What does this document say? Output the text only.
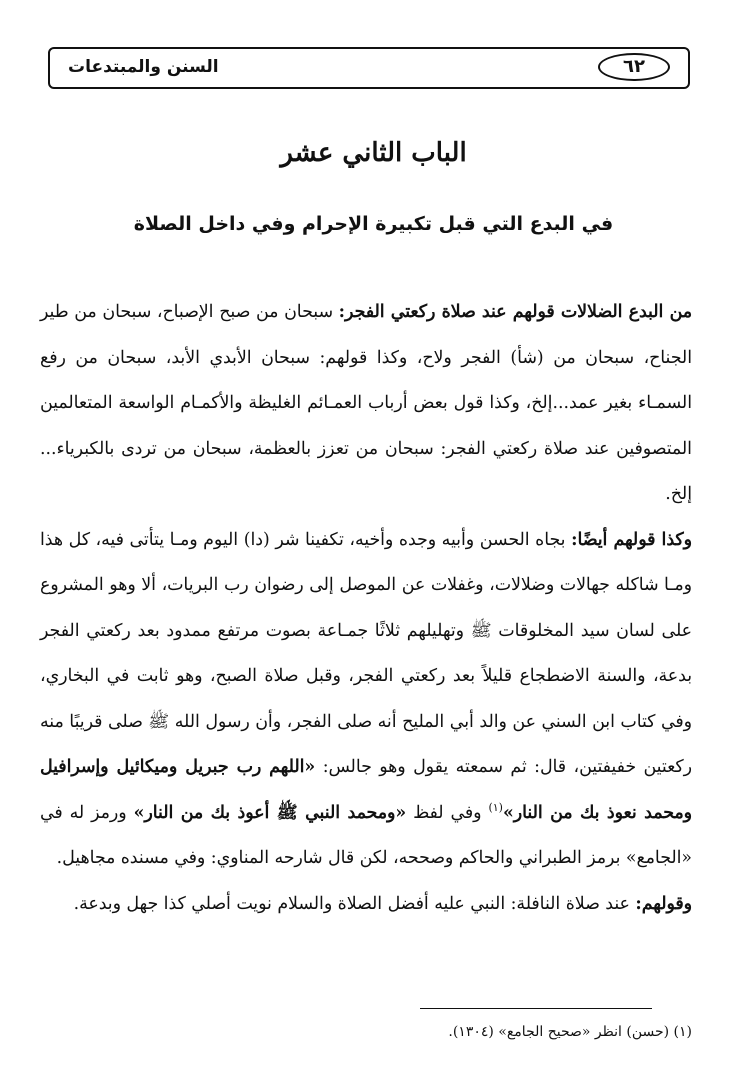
السنن والمبتدعات	٦٢
الباب الثاني عشر
في البدع التي قبل تكبيرة الإحرام وفي داخل الصلاة

من البدع الضلالات قولهم عند صلاة ركعتي الفجر: سبحان من صبح الإصباح، سبحان من طير الجناح، سبحان من (شأ) الفجر ولاح، وكذا قولهم: سبحان الأبدي الأبد، سبحان من رفع السمـاء بغير عمد...إلخ، وكذا قول بعض أرباب العمـائم الغليظة والأكمـام الواسعة المتعالمين المتصوفين عند صلاة ركعتي الفجر: سبحان من تعزز بالعظمة، سبحان من تردى بالكبرياء... إلخ.

وكذا قولهم أيضًا: بجاه الحسن وأبيه وجده وأخيه، تكفينا شر (دا) اليوم ومـا يتأتى فيه، كل هذا ومـا شاكله جهالات وضلالات، وغفلات عن الموصل إلى رضوان رب البريات، ألا وهو المشروع على لسان سيد المخلوقات ﷺ وتهليلهم ثلاثًا جمـاعة بصوت مرتفع ممدود بعد ركعتي الفجر بدعة، والسنة الاضطجاع قليلاً بعد ركعتي الفجر، وقبل صلاة الصبح، وهو ثابت في البخاري، وفي كتاب ابن السني عن والد أبي المليح أنه صلى الفجر، وأن رسول الله ﷺ صلى قريبًا منه ركعتين خفيفتين، قال: ثم سمعته يقول وهو جالس: «اللهم رب جبريل وميكائيل وإسرافيل ومحمد نعوذ بك من النار»$^{(١)}$ وفي لفظ «ومحمد النبي ﷺ أعوذ بك من النار» ورمز له في «الجامع» برمز الطبراني والحاكم وصححه، لكن قال شارحه المناوي: وفي مسنده مجاهيل.

وقولهم: عند صلاة النافلة: النبي عليه أفضل الصلاة والسلام نويت أصلي كذا جهل وبدعة.

(١) (حسن) انظر «صحيح الجامع» (١٣٠٤).
